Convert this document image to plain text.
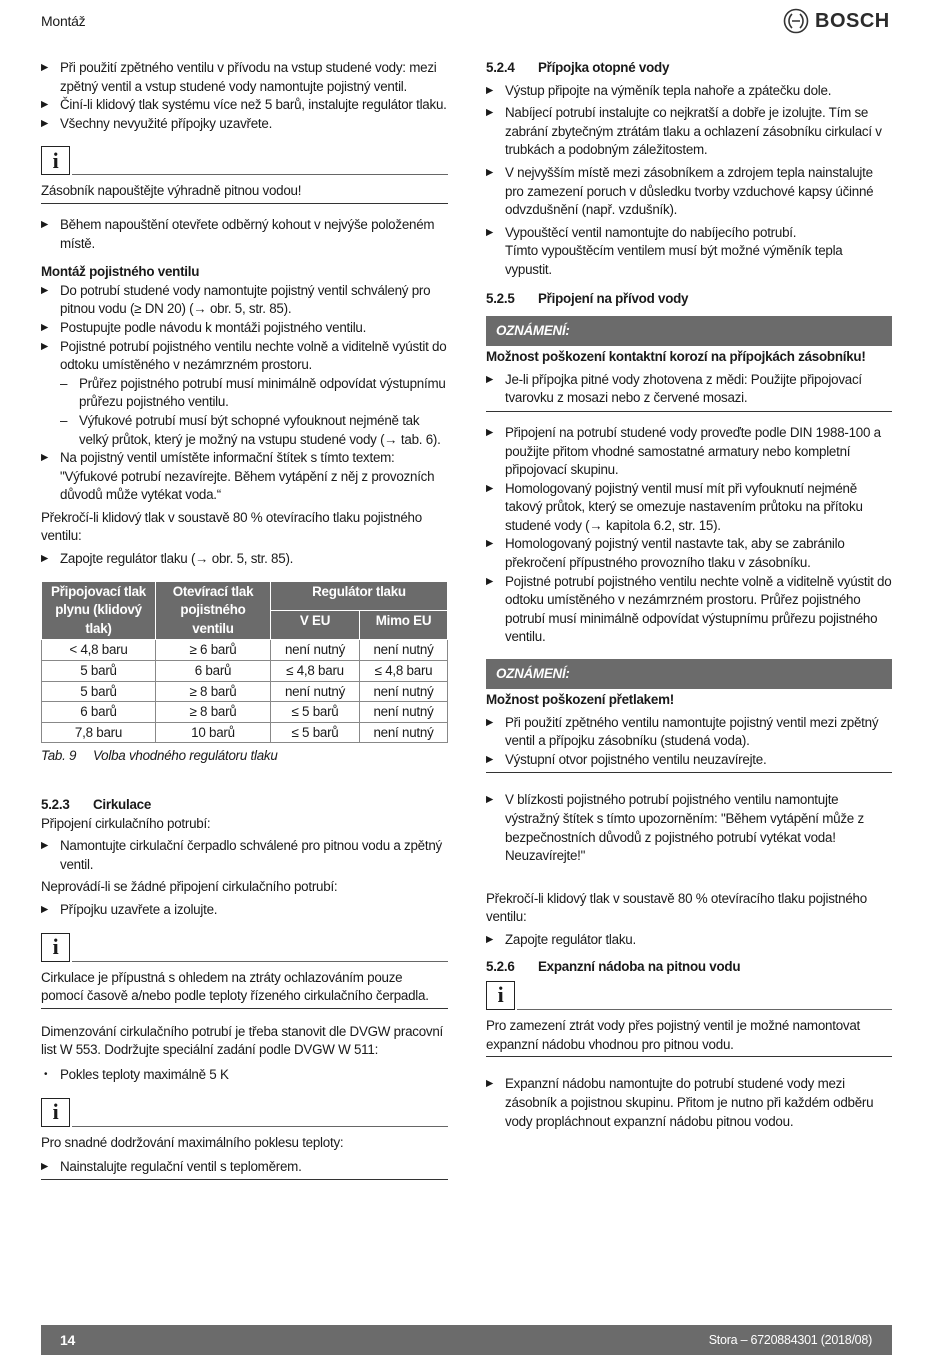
Montáž	BOSCH

▶ Při použití zpětného ventilu v přívodu na vstup studené vody: mezi zpětný ventil a vstup studené vody namontujte pojistný ventil.

▶ Činí-li klidový tlak systému více než 5 barů, instalujte regulátor tlaku.

▶ Všechny nevyužité přípojky uzavřete.

i

Zásobník napouštějte výhradně pitnou vodou!

▶ Během napouštění otevřete odběrný kohout v nejvýše položeném místě.

Montáž pojistného ventilu

▶ Do potrubí studené vody namontujte pojistný ventil schválený pro pitnou vodu (≥ DN 20) (→ obr. 5, str. 85).

▶ Postupujte podle návodu k montáži pojistného ventilu.

▶ Pojistné potrubí pojistného ventilu nechte volně a viditelně vyústit do odtoku umístěného v nezámrzném prostoru.

– Průřez pojistného potrubí musí minimálně odpovídat výstupnímu průřezu pojistného ventilu.

– Výfukové potrubí musí být schopné vyfouknout nejméně tak velký průtok, který je možný na vstupu studené vody (→ tab. 6).

▶ Na pojistný ventil umístěte informační štítek s tímto textem: "Výfukové potrubí nezavírejte. Během vytápění z něj z provozních důvodů může vytékat voda.“

Překročí-li klidový tlak v soustavě 80 % otevíracího tlaku pojistného ventilu:

▶ Zapojte regulátor tlaku (→ obr. 5, str. 85).

Připojovací tlak plynu (klidový tlak)	Otevírací tlak pojistného ventilu	Regulátor tlaku	
		V EU	Mimo EU
< 4,8 baru	≥ 6 barů	není nutný	není nutný
5 barů	6 barů	≤ 4,8 baru	≤ 4,8 baru
5 barů	≥ 8 barů	není nutný	není nutný
6 barů	≥ 8 barů	≤ 5 barů	není nutný
7,8 baru	10 barů	≤ 5 barů	není nutný
Tab. 9	Volba vhodného regulátoru tlaku
5.2.3	Cirkulace

Připojení cirkulačního potrubí:

▶ Namontujte cirkulační čerpadlo schválené pro pitnou vodu a zpětný ventil.

Neprovádí-li se žádné připojení cirkulačního potrubí:

▶ Přípojku uzavřete a izolujte.

i

Cirkulace je přípustná s ohledem na ztráty ochlazováním pouze pomocí časově a/nebo podle teploty řízeného cirkulačního čerpadla.

Dimenzování cirkulačního potrubí je třeba stanovit dle DVGW pracovní list W 553. Dodržujte speciální zadání podle DVGW W 511:

• Pokles teploty maximálně 5 K

i

Pro snadné dodržování maximálního poklesu teploty:

▶ Nainstalujte regulační ventil s teploměrem.

5.2.4	Přípojka otopné vody

▶ Výstup připojte na výměník tepla nahoře a zpátečku dole.

▶ Nabíjecí potrubí instalujte co nejkratší a dobře je izolujte. Tím se zabrání zbytečným ztrátám tlaku a ochlazení zásobníku cirkulací v trubkách a podobným záležitostem.

▶ V nejvyšším místě mezi zásobníkem a zdrojem tepla nainstalujte pro zamezení poruch v důsledku tvorby vzduchové kapsy účinné odvzdušnění (např. vzdušník).

▶ Vypouštěcí ventil namontujte do nabíjecího potrubí.

Tímto vypouštěcím ventilem musí být možné výměník tepla vypustit.

5.2.5	Připojení na přívod vody
OZNÁMENÍ:

Možnost poškození kontaktní korozí na přípojkách zásobníku!

▶ Je-li přípojka pitné vody zhotovena z mědi: Použijte připojovací tvarovku z mosazi nebo z červené mosazi.

▶ Připojení na potrubí studené vody proveďte podle DIN 1988-100 a použijte přitom vhodné samostatné armatury nebo kompletní připojovací skupinu.

▶ Homologovaný pojistný ventil musí mít při vyfouknutí nejméně takový průtok, který se omezuje nastavením průtoku na přítoku studené vody (→ kapitola 6.2, str. 15).

▶ Homologovaný pojistný ventil nastavte tak, aby se zabránilo překročení přípustného provozního tlaku v zásobníku.

▶ Pojistné potrubí pojistného ventilu nechte volně a viditelně vyústit do odtoku umístěného v nezámrzném prostoru. Průřez pojistného potrubí musí minimálně odpovídat výstupnímu průřezu pojistného ventilu.

OZNÁMENÍ:

Možnost poškození přetlakem!

▶ Při použití zpětného ventilu namontujte pojistný ventil mezi zpětný ventil a přípojku zásobníku (studená voda).

▶ Výstupní otvor pojistného ventilu neuzavírejte.

▶ V blízkosti pojistného potrubí pojistného ventilu namontujte výstražný štítek s tímto upozorněním: "Během vytápění může z bezpečnostních důvodů z pojistného potrubí vytékat voda! Neuzavírejte!"

Překročí-li klidový tlak v soustavě 80 % otevíracího tlaku pojistného ventilu:

▶ Zapojte regulátor tlaku.

5.2.6	Expanzní nádoba na pitnou vodu
i

Pro zamezení ztrát vody přes pojistný ventil je možné namontovat expanzní nádobu vhodnou pro pitnou vodu.

▶ Expanzní nádobu namontujte do potrubí studené vody mezi zásobník a pojistnou skupinu. Přitom je nutno při každém odběru vody propláchnout expanzní nádobu pitnou vodou.

14	Stora – 6720884301 (2018/08)
